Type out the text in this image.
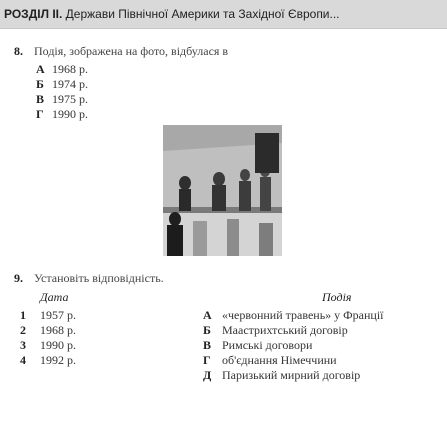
РОЗДІЛ ІІ. Держави Північної Америки та Західної Європи...
8. Подія, зображена на фото, відбулася в
А 1968 р.
Б 1974 р.
В 1975 р.
Г 1990 р.
9. Установіть відповідність.
Дата	Подія
1 1957 р.
2 1968 р.
3 1990 р.
4 1992 р.
А «червонний травень» у Франції
Б Маастрихтський договір
В Римські договори
Г об'єднання Німеччини
Д Паризький мирний договір
